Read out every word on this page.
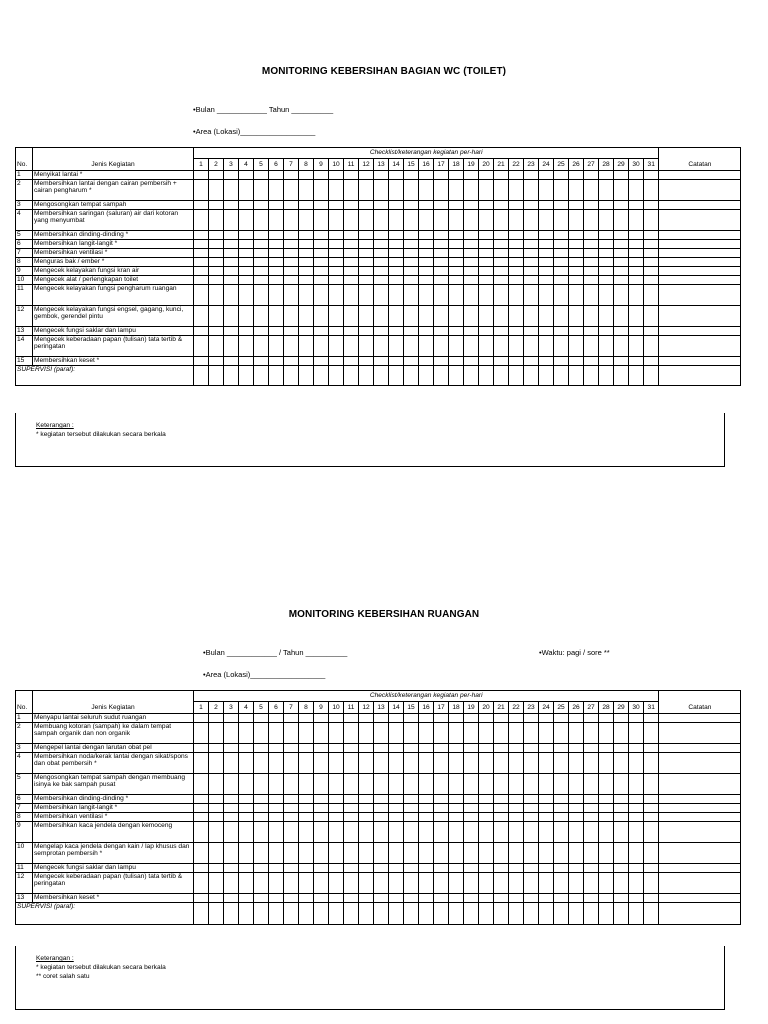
MONITORING KEBERSIHAN BAGIAN WC (TOILET)
•Bulan ____________ Tahun __________
•Area (Lokasi)__________________
		Checklist/keterangan kegiatan per-hari																															
No.	Jenis Kegiatan	1	2	3	4	5	6	7	8	9	10	11	12	13	14	15	16	17	18	19	20	21	22	23	24	25	26	27	28	29	30	31	Catatan
1	Menyikat lantai *																																
2	Membersihkan lantai dengan cairan pembersih + cairan pengharum *																																
3	Mengosongkan tempat sampah																																
4	Membersihkan saringan (saluran) air dari kotoran yang menyumbat																																
5	Membersihkan dinding-dinding *																																
6	Membersihkan langit-langit *																																
7	Membersihkan ventilasi *																																
8	Menguras bak / ember *																																
9	Mengecek kelayakan fungsi kran air																																
10	Mengecek alat / perlengkapan toilet																																
11	Mengecek kelayakan fungsi pengharum ruangan																																
12	Mengecek kelayakan fungsi engsel, gagang, kunci, gembok, gerendel pintu																																
13	Mengecek fungsi saklar dan lampu																																
14	Mengecek keberadaan papan (tulisan) tata tertib & peringatan																																
15	Membersihkan keset *																																
SUPERVISI (paraf):																																	
Keterangan :
* kegiatan tersebut dilakukan secara berkala
MONITORING KEBERSIHAN RUANGAN
•Bulan ____________ / Tahun __________	•Waktu: pagi / sore **
•Area (Lokasi)__________________
		Checklist/keterangan kegiatan per-hari																															
No.	Jenis Kegiatan	1	2	3	4	5	6	7	8	9	10	11	12	13	14	15	16	17	18	19	20	21	22	23	24	25	26	27	28	29	30	31	Catatan
1	Menyapu lantai seluruh sudut ruangan																																
2	Membuang kotoran (sampah) ke dalam tempat sampah organik dan non organik																																
3	Mengepel lantai dengan larutan obat pel																																
4	Membersihkan noda/kerak lantai dengan sikat/spons dan obat pembersih *																																
5	Mengosongkan tempat sampah dengan membuang isinya ke bak sampah pusat																																
6	Membersihkan dinding-dinding *																																
7	Membersihkan langit-langit *																																
8	Membersihkan ventilasi *																																
9	Membersihkan kaca jendela dengan kemoceng																																
10	Mengelap kaca jendela dengan kain / lap khusus dan semprotan pembersih *																																
11	Mengecek fungsi saklar dan lampu																																
12	Mengecek keberadaan papan (tulisan) tata tertib & peringatan																																
13	Membersihkan keset *																																
SUPERVISI (paraf):																																	
Keterangan :
* kegiatan tersebut dilakukan secara berkala
** coret salah satu
